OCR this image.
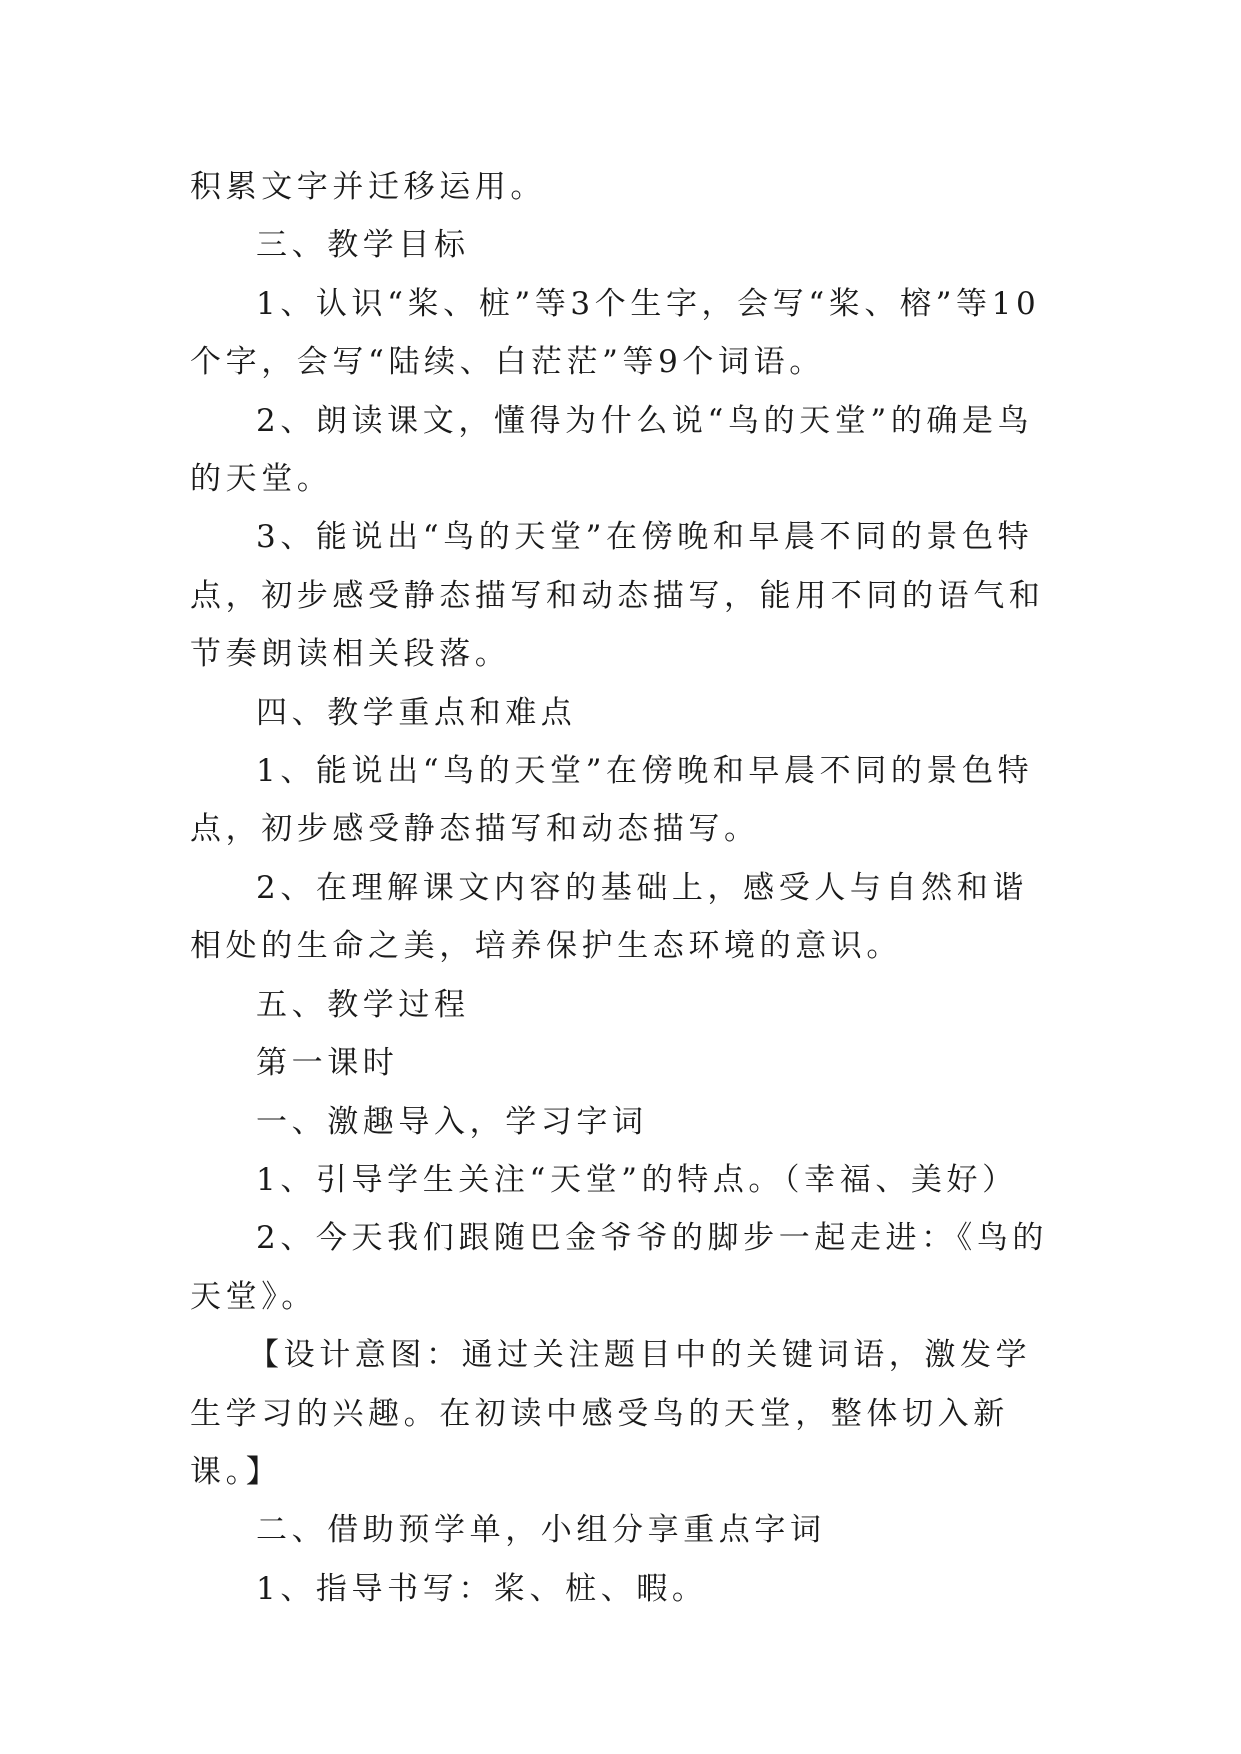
积累文字并迁移运用。

三、教学目标

1、认识“桨、桩”等3个生字，会写“桨、榕”等10个字，会写“陆续、白茫茫”等9个词语。

2、朗读课文，懂得为什么说“鸟的天堂”的确是鸟的天堂。

3、能说出“鸟的天堂”在傍晚和早晨不同的景色特点，初步感受静态描写和动态描写，能用不同的语气和节奏朗读相关段落。

四、教学重点和难点

1、能说出“鸟的天堂”在傍晚和早晨不同的景色特点，初步感受静态描写和动态描写。

2、在理解课文内容的基础上，感受人与自然和谐相处的生命之美，培养保护生态环境的意识。

五、教学过程

第一课时

一、激趣导入，学习字词

1、引导学生关注“天堂”的特点。（幸福、美好）

2、今天我们跟随巴金爷爷的脚步一起走进：《鸟的天堂》。

【设计意图：通过关注题目中的关键词语，激发学生学习的兴趣。在初读中感受鸟的天堂，整体切入新课。】

二、借助预学单，小组分享重点字词

1、指导书写：桨、桩、暇。
